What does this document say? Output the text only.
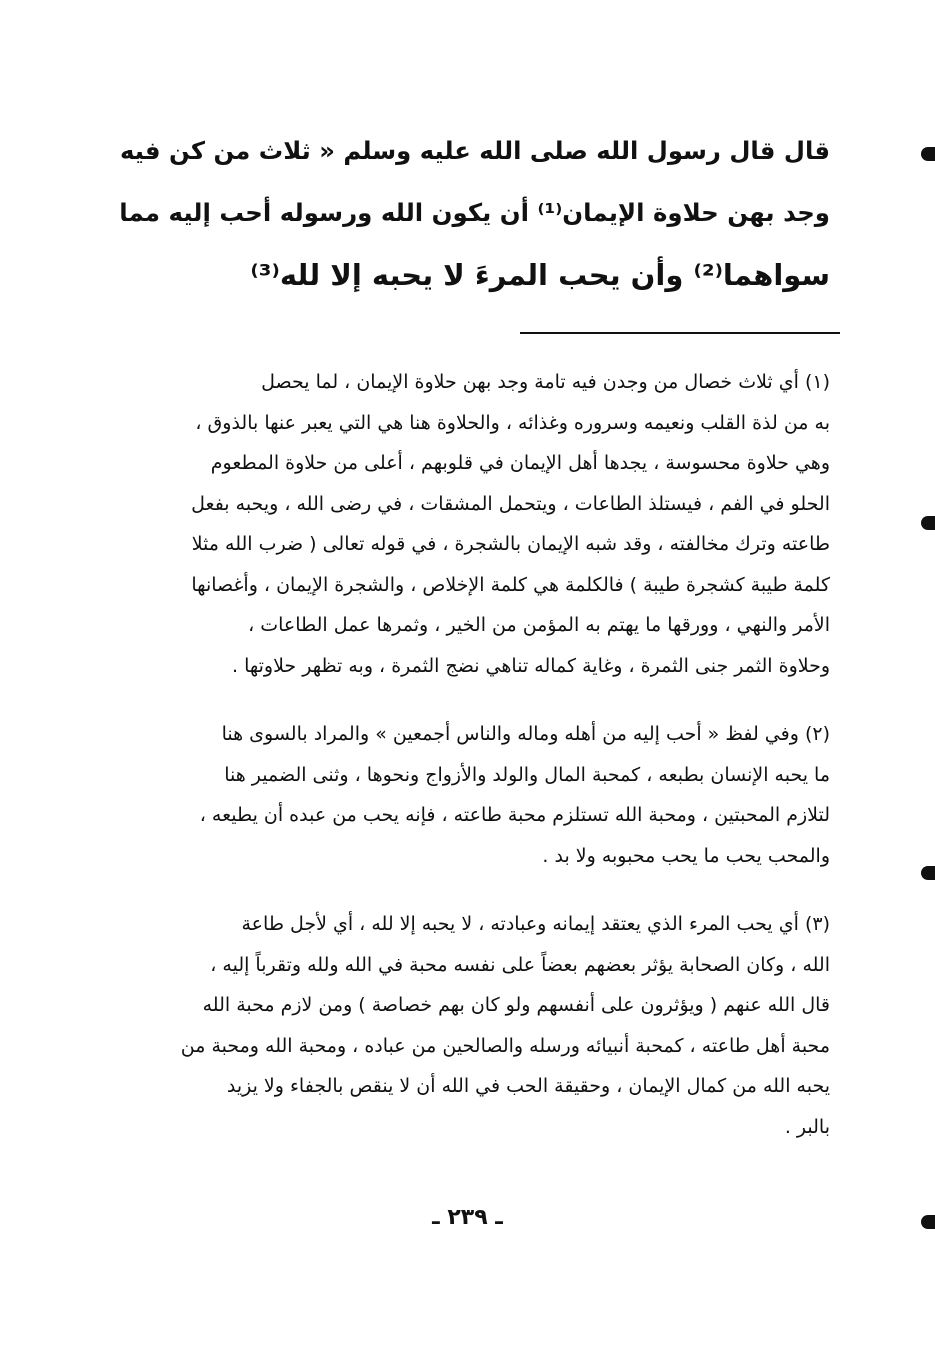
قال قال رسول الله صلى الله عليه وسلم « ثلاث من كن فيه
وجد بهن حلاوة الإيمان⁽¹⁾ أن يكون الله ورسوله أحب إليه مما
سواهما⁽²⁾ وأن يحب المرءَ لا يحبه إلا لله⁽³⁾

(١) أي ثلاث خصال من وجدن فيه تامة وجد بهن حلاوة الإيمان ، لما يحصل
به من لذة القلب ونعيمه وسروره وغذائه ، والحلاوة هنا هي التي يعبر عنها بالذوق ،
وهي حلاوة محسوسة ، يجدها أهل الإيمان في قلوبهم ، أعلى من حلاوة المطعوم
الحلو في الفم ، فيستلذ الطاعات ، ويتحمل المشقات ، في رضى الله ، ويحبه بفعل
طاعته وترك مخالفته ، وقد شبه الإيمان بالشجرة ، في قوله تعالى ( ضرب الله مثلا
كلمة طيبة كشجرة طيبة ) فالكلمة هي كلمة الإخلاص ، والشجرة الإيمان ، وأغصانها
الأمر والنهي ، وورقها ما يهتم به المؤمن من الخير ، وثمرها عمل الطاعات ،
وحلاوة الثمر جنى الثمرة ، وغاية كماله تناهي نضج الثمرة ، وبه تظهر حلاوتها .

(٢) وفي لفظ « أحب إليه من أهله وماله والناس أجمعين » والمراد بالسوى هنا
ما يحبه الإنسان بطبعه ، كمحبة المال والولد والأزواج ونحوها ، وثنى الضمير هنا
لتلازم المحبتين ، ومحبة الله تستلزم محبة طاعته ، فإنه يحب من عبده أن يطيعه ،
والمحب يحب ما يحب محبوبه ولا بد .

(٣) أي يحب المرء الذي يعتقد إيمانه وعبادته ، لا يحبه إلا لله ، أي لأجل طاعة
الله ، وكان الصحابة يؤثر بعضهم بعضاً على نفسه محبة في الله ولله وتقرباً إليه ،
قال الله عنهم ( ويؤثرون على أنفسهم ولو كان بهم خصاصة ) ومن لازم محبة الله
محبة أهل طاعته ، كمحبة أنبيائه ورسله والصالحين من عباده ، ومحبة الله ومحبة من
يحبه الله من كمال الإيمان ، وحقيقة الحب في الله أن لا ينقص بالجفاء ولا يزيد
بالبر .

ـ ٢٣٩ ـ
